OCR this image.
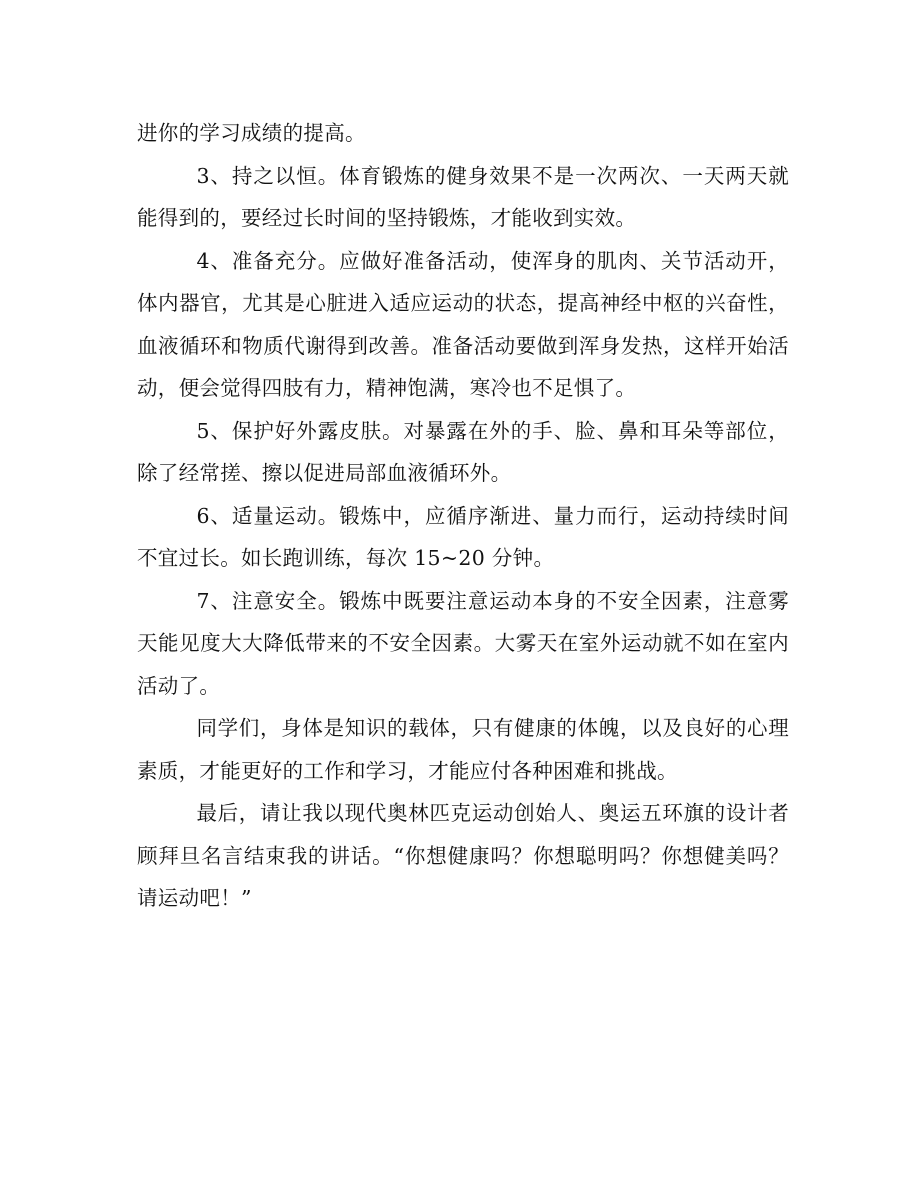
进你的学习成绩的提高。

3、持之以恒。体育锻炼的健身效果不是一次两次、一天两天就能得到的，要经过长时间的坚持锻炼，才能收到实效。

4、准备充分。应做好准备活动，使浑身的肌肉、关节活动开，体内器官，尤其是心脏进入适应运动的状态，提高神经中枢的兴奋性，血液循环和物质代谢得到改善。准备活动要做到浑身发热，这样开始活动，便会觉得四肢有力，精神饱满，寒冷也不足惧了。

5、保护好外露皮肤。对暴露在外的手、脸、鼻和耳朵等部位，除了经常搓、擦以促进局部血液循环外。

6、适量运动。锻炼中，应循序渐进、量力而行，运动持续时间不宜过长。如长跑训练，每次 15~20 分钟。

7、注意安全。锻炼中既要注意运动本身的不安全因素，注意雾天能见度大大降低带来的不安全因素。大雾天在室外运动就不如在室内活动了。

同学们，身体是知识的载体，只有健康的体魄，以及良好的心理素质，才能更好的工作和学习，才能应付各种困难和挑战。

最后，请让我以现代奥林匹克运动创始人、奥运五环旗的设计者顾拜旦名言结束我的讲话。“你想健康吗？你想聪明吗？你想健美吗？请运动吧！”
